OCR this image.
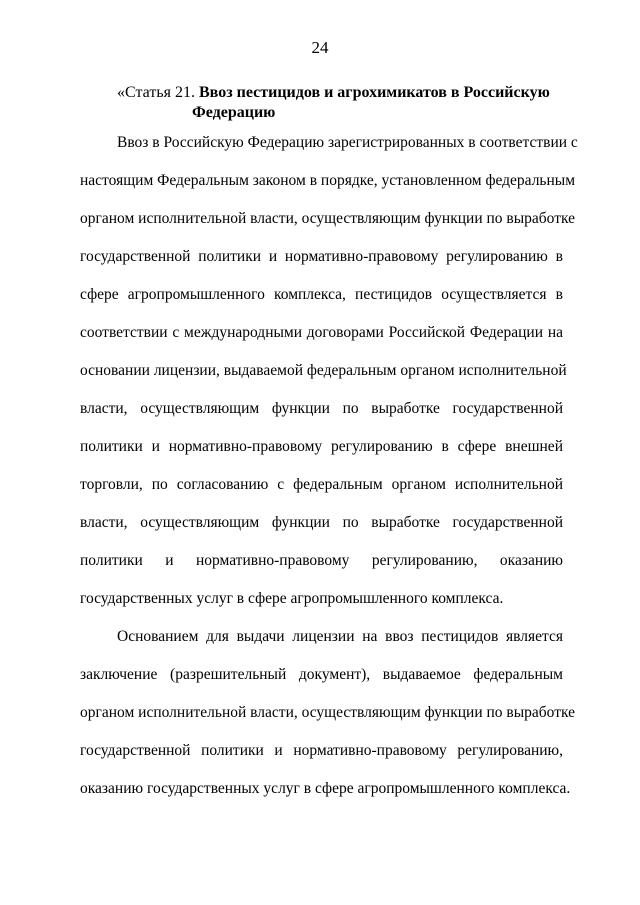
24
«Статья 21. Ввоз пестицидов и агрохимикатов в Российскую
Федерацию
Ввоз в Российскую Федерацию зарегистрированных в соответствии с
настоящим Федеральным законом в порядке, установленном федеральным
органом исполнительной власти, осуществляющим функции по выработке
государственной политики и нормативно-правовому регулированию в
сфере агропромышленного комплекса, пестицидов осуществляется в
соответствии с международными договорами Российской Федерации на
основании лицензии, выдаваемой федеральным органом исполнительной
власти, осуществляющим функции по выработке государственной
политики и нормативно-правовому регулированию в сфере внешней
торговли, по согласованию с федеральным органом исполнительной
власти, осуществляющим функции по выработке государственной
политики и нормативно-правовому регулированию, оказанию
государственных услуг в сфере агропромышленного комплекса.
Основанием для выдачи лицензии на ввоз пестицидов является
заключение (разрешительный документ), выдаваемое федеральным
органом исполнительной власти, осуществляющим функции по выработке
государственной политики и нормативно-правовому регулированию,
оказанию государственных услуг в сфере агропромышленного комплекса.
